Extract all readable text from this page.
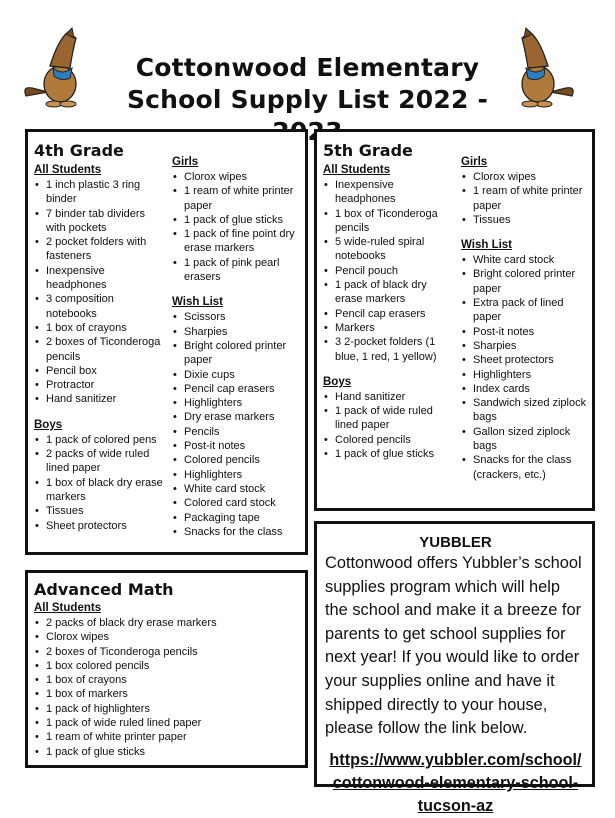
Cottonwood Elementary
School Supply List 2022 -
4th Grade

All Students

• 1 inch plastic 3 ring binder
• 7 binder tab dividers with pockets
• 2 pocket folders with fasteners
• Inexpensive headphones
• 3 composition notebooks
• 1 box of crayons
• 2 boxes of Ticonderoga pencils
• Pencil box
• Protractor
• Hand sanitizer

Boys

• 1 pack of colored pens
• 2 packs of wide ruled lined paper
• 1 box of black dry erase markers
• Tissues
• Sheet protectors

Girls

• Clorox wipes
• 1 ream of white printer paper
• 1 pack of glue sticks
• 1 pack of fine point dry erase markers
• 1 pack of pink pearl erasers

Wish List

• Scissors
• Sharpies
• Bright colored printer paper
• Dixie cups
• Pencil cap erasers
• Highlighters
• Dry erase markers
• Pencils
• Post-it notes
• Colored pencils
• Highlighters
• White card stock
• Colored card stock
• Packaging tape
• Snacks for the class
5th Grade

All Students

• Inexpensive headphones
• 1 box of Ticonderoga pencils
• 5 wide-ruled spiral notebooks
• Pencil pouch
• 1 pack of black dry erase markers
• Pencil cap erasers
• Markers
• 3 2-pocket folders (1 blue, 1 red, 1 yellow)

Boys

• Hand sanitizer
• 1 pack of wide ruled lined paper
• Colored pencils
• 1 pack of glue sticks

Girls

• Clorox wipes
• 1 ream of white printer paper
• Tissues

Wish List

• White card stock
• Bright colored printer paper
• Extra pack of lined paper
• Post-it notes
• Sharpies
• Sheet protectors
• Highlighters
• Index cards
• Sandwich sized ziplock bags
• Gallon sized ziplock bags
• Snacks for the class (crackers, etc.)
Advanced Math

All Students

• 2 packs of black dry erase markers
• Clorox wipes
• 2 boxes of Ticonderoga pencils
• 1 box colored pencils
• 1 box of crayons
• 1 box of markers
• 1 pack of highlighters
• 1 pack of wide ruled lined paper
• 1 ream of white printer paper
• 1 pack of glue sticks
YUBBLER
Cottonwood offers Yubbler’s school supplies program which will help the school and make it a breeze for parents to get school supplies for next year! If you would like to order your supplies online and have it shipped directly to your house, please follow the link below.
https://www.yubbler.com/school/cottonwood-elementary-school-tucson-az
